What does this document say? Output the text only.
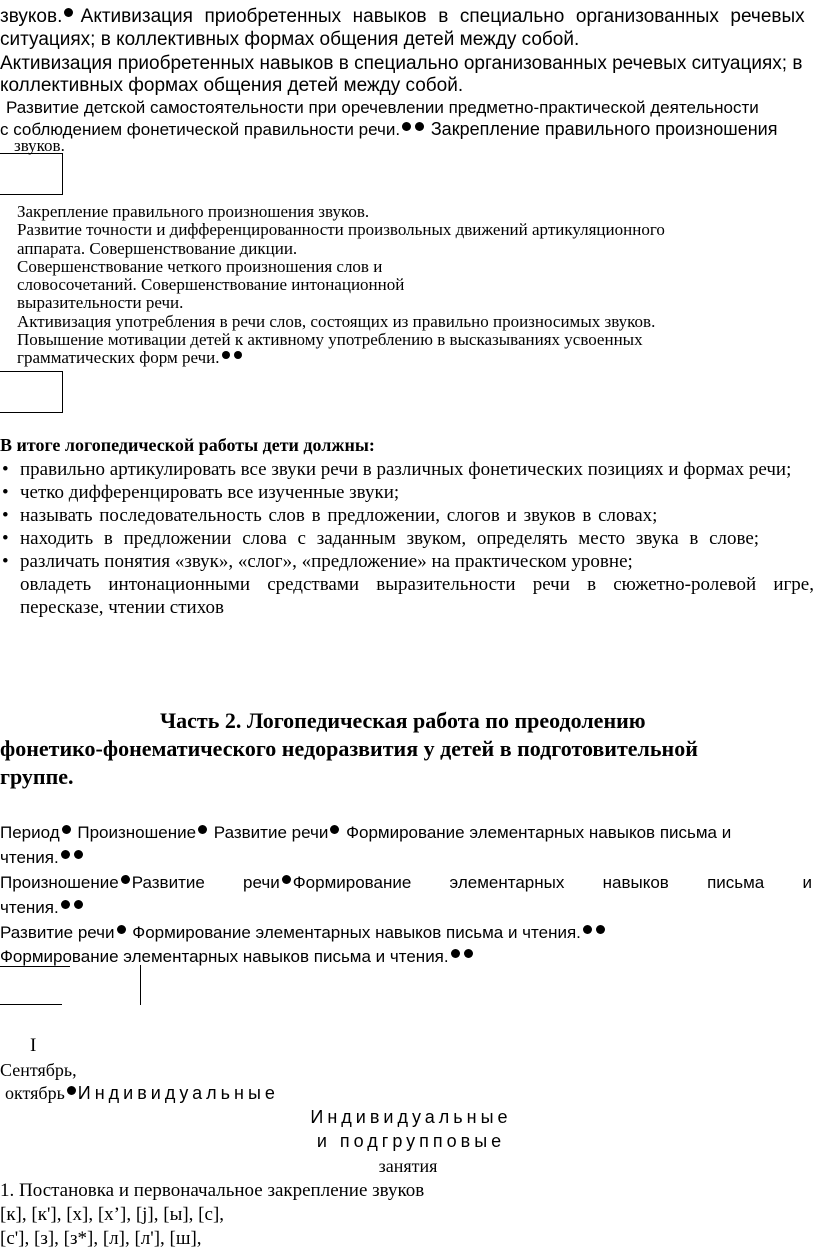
звуков. Активизация приобретенных навыков в специально организованных речевых
ситуациях; в коллективных формах общения детей между собой.
Активизация приобретенных навыков в специально организованных речевых ситуациях; в
коллективных формах общения детей между собой.
Развитие детской самостоятельности при оречевлении предметно-практической деятельности
с соблюдением фонетической правильности речи. Закрепление правильного произношения
звуков.
Закрепление правильного произношения звуков.
Развитие точности и дифференцированности произвольных движений артикуляционного
аппарата. Совершенствование дикции.
Совершенствование четкого произношения слов и
словосочетаний. Совершенствование интонационной
выразительности речи.
Активизация употребления в речи слов, состоящих из правильно произносимых звуков.
Повышение мотивации детей к активному употреблению в высказываниях усвоенных
грамматических форм речи.
В итоге логопедической работы дети должны:
• правильно артикулировать все звуки речи в различных фонетических позициях и формах речи;
• четко дифференцировать все изученные звуки;
• называть последовательность слов в предложении, слогов и звуков в словах;
• находить в предложении слова с заданным звуком, определять место звука в слове;
• различать понятия «звук», «слог», «предложение» на практическом уровне;
овладеть интонационными средствами выразительности речи в сюжетно-ролевой игре, пересказе, чтении стихов
Часть 2. Логопедическая работа по преодолению
фонетико-фонематического недоразвития у детей в подготовительной
группе.
Период Произношение Развитие речи Формирование элементарных навыков письма и
чтения.
Произношение Развитие речи Формирование элементарных навыков письма и
чтения.
Развитие речи Формирование элементарных навыков письма и чтения.
Формирование элементарных навыков письма и чтения.
I
Сентябрь,
октябрь Индивидуальные
Индивидуальные
и подгрупповые
занятия
1. Постановка и первоначальное закрепление звуков
[к], [к'], [х], [х’], [j], [ы], [с],
[с'], [з], [з*], [л], [л'], [ш],
